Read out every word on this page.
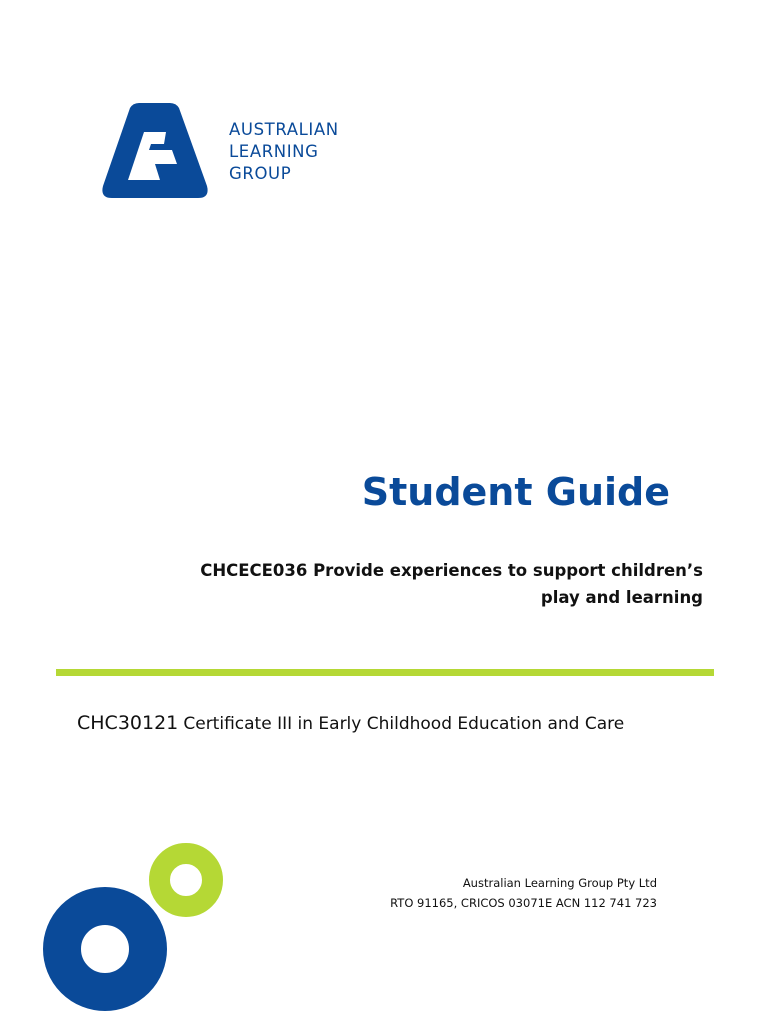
AUSTRALIAN
LEARNING
GROUP
Student Guide
CHCECE036 Provide experiences to support children’s
play and learning
CHC30121 Certificate III in Early Childhood Education and Care
Australian Learning Group Pty Ltd
RTO 91165, CRICOS 03071E ACN 112 741 723
